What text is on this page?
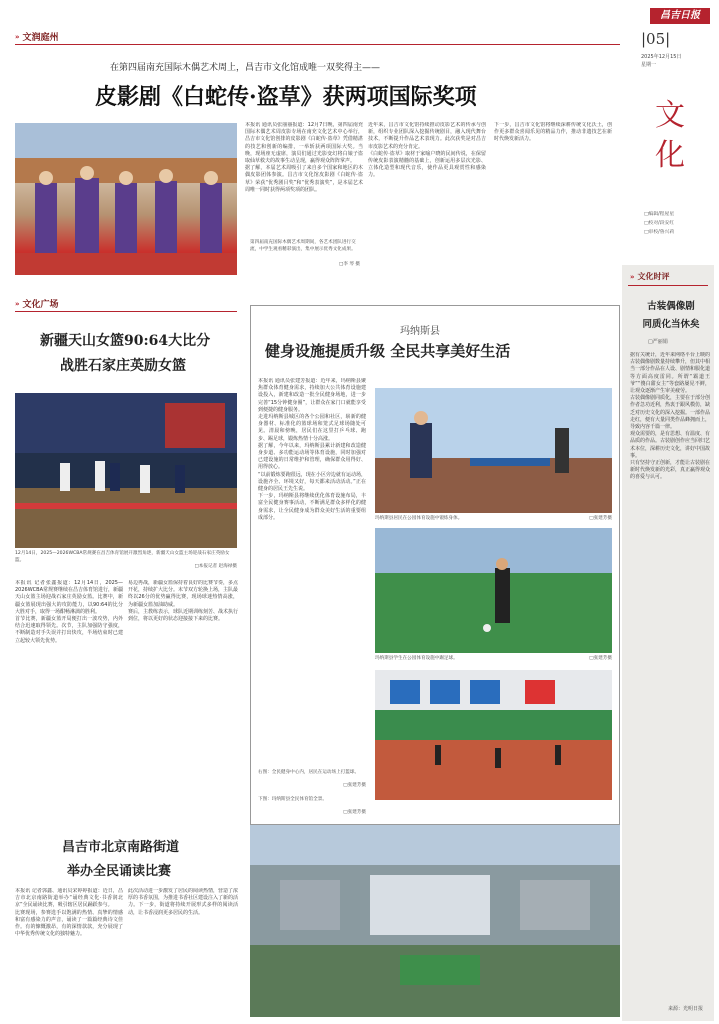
昌吉日报
|05|
2025年12月15日
星期一
文
化
□编辑/程屋星
□校对/段安红
□审校/鲁兴莉
» 文润庭州
在第四届南充国际木偶艺术周上，昌吉市文化馆成唯一双奖得主——
皮影剧《白蛇传·盗草》获两项国际奖项

本报讯 通讯员张丽丽报道：12月7日晚，第四届南充国际木偶艺术周皮影专场在南充文化艺术中心举行，昌吉市文化馆创排的皮影剧《白蛇传·盗草》凭借精湛的技艺和创新的编排，一举斩获两项国际大奖。当晚，现场座无虚席，演员们通过光影变幻将白娘子盗取仙草救夫的故事生动呈现，赢得观众阵阵掌声。

据了解，本届艺术周吸引了来自多个国家和地区的木偶皮影团体参演。昌吉市文化馆皮影剧《白蛇传·盗草》荣获“优秀剧目奖”和“优秀表演奖”，是本届艺术周唯一同时获得两项奖项的团队。

第四届南充国际木偶艺术周期间，各艺术团队进行交流，中学生观看精彩演出，集中展示优秀文化成果。
□李 琴 摄

近年来，昌吉市文化馆持续推动皮影艺术的传承与创新，组织专业团队深入挖掘传统剧目，融入现代舞台技术，不断提升作品艺术表现力。此次获奖是对昌吉市皮影艺术的充分肯定。

《白蛇传·盗草》取材于家喻户晓的民间传说，在保留传统皮影表演精髓的基础上，创新运用多层次光影、立体化造型和现代音乐，使作品更具观赏性和感染力。

下一步，昌吉市文化馆将继续深耕传统文化沃土，创作更多群众喜闻乐见的精品力作，推动非遗技艺在新时代焕发新活力。

» 文化广场
新疆天山女篮90:64大比分
战胜石家庄英励女篮
12月14日，2025—2026WCBA常规赛在昌吉体育馆展开激烈角逐，新疆天山女篮主场迎战石家庄英励女篮。
□本报记者 赵海禄摄

本报讯 记者张鑫报道：12月14日，2025—2026WCBA常规赛继续在昌吉体育馆进行，新疆天山女篮主场迎战石家庄英励女篮。比赛中，新疆女篮展现出强大的攻防能力，以90:64的比分大胜对手，取得一场酣畅淋漓的胜利。

首节比赛，新疆女篮开局便打出一波攻势，内外结合迅速取得领先。次节，主队加强防守强度，不断制造对手失误并打出快攻，半场结束时已建立起较大领先优势。

易边再战，新疆女篮保持着良好的比赛节奏，多点开花，持续扩大比分。末节双方轮换上场，主队最终以26分的优势赢得比赛，现场球迷热情高涨，为新疆女篮加油助威。

赛后，主教练表示，球队近期训练刻苦、战术执行到位，将以更好的状态迎接接下来的比赛。

昌吉市北京南路街道
举办全民诵读比赛

本报讯 记者郭鑫、通讯员宋婷婷报道：近日，昌吉市北京南路街道举办“诵经典文化·书香润北京”全民诵读比赛，吸引辖区居民踊跃参与。

比赛现场，参赛选手以饱满的热情、真挚的情感和富有感染力的声音，诵读了一篇篇经典诗文佳作。有的慷慨激昂，有的深情款款，充分展现了中华优秀传统文化的独特魅力。

此次活动进一步激发了居民的阅读热情，营造了浓厚的书香氛围，为推进书香社区建设注入了新的活力。下一步，街道将持续开展形式多样的阅读活动，让书香浸润更多居民的生活。

玛纳斯县
健身设施提质升级 全民共享美好生活

本报讯 通讯员张建芳报道：近年来，玛纳斯县聚焦群众体育健身需求，持续加大公共体育设施建设投入，新建和改造一批全民健身场地，进一步完善“15分钟健身圈”，让群众在家门口就能享受到便捷的健身服务。

走进玛纳斯县城区的各个公园和社区，崭新的健身器材、标准化的篮球场和笼式足球场随处可见。清晨和傍晚，居民们在这里打乒乓球、跑步、踢足球，锻炼热情十分高涨。

据了解，今年以来，玛纳斯县累计新建和改造健身步道、多功能运动场等体育设施，同时加强对已建设施的日常维护和管理，确保群众用得好、用得放心。

“以前锻炼要跑很远，现在小区旁边就有运动场，设施齐全、环境又好，每天都来活动活动。”正在健身的居民王先生说。

下一步，玛纳斯县将继续优化体育设施布局，丰富全民健身赛事活动，不断满足群众多样化的健身需求，让全民健身成为群众美好生活的重要组成部分。	玛纳斯县居民在公园体育设施中锻炼身体。	□张建芳摄
玛纳斯县学生在公园体育设施中踢足球。	□张建芳摄
右图：全民健身中心内，居民在运动场上打篮球。
□张建芳摄
下图：玛纳斯县全民体育馆全景。
□张建芳摄
» 文化时评
古装偶像剧
同质化当休矣
□严丽娟

据有关统计，近年来网络平台上映的古装偶像剧数量持续攀升，但其中相当一部分作品在人设、剧情和服化道等方面高度雷同。所谓“霸道王爷”“傻白甜女主”等套路屡见不鲜，让观众逐渐产生审美疲劳。

古装偶像剧同质化，主要在于部分创作者急功近利，热衷于跟风模仿，缺乏对历史文化的深入挖掘。一部作品走红，便有大量同类作品蜂拥而上，导致内容千篇一律。

观众需要的，是有思想、有温度、有品质的作品。古装剧创作应当回归艺术本位，深耕历史文化，讲好中国故事。

只有坚持守正创新，才能让古装剧在新时代焕发新的光彩，真正赢得观众的喜爱与认可。

来源：光明日报
